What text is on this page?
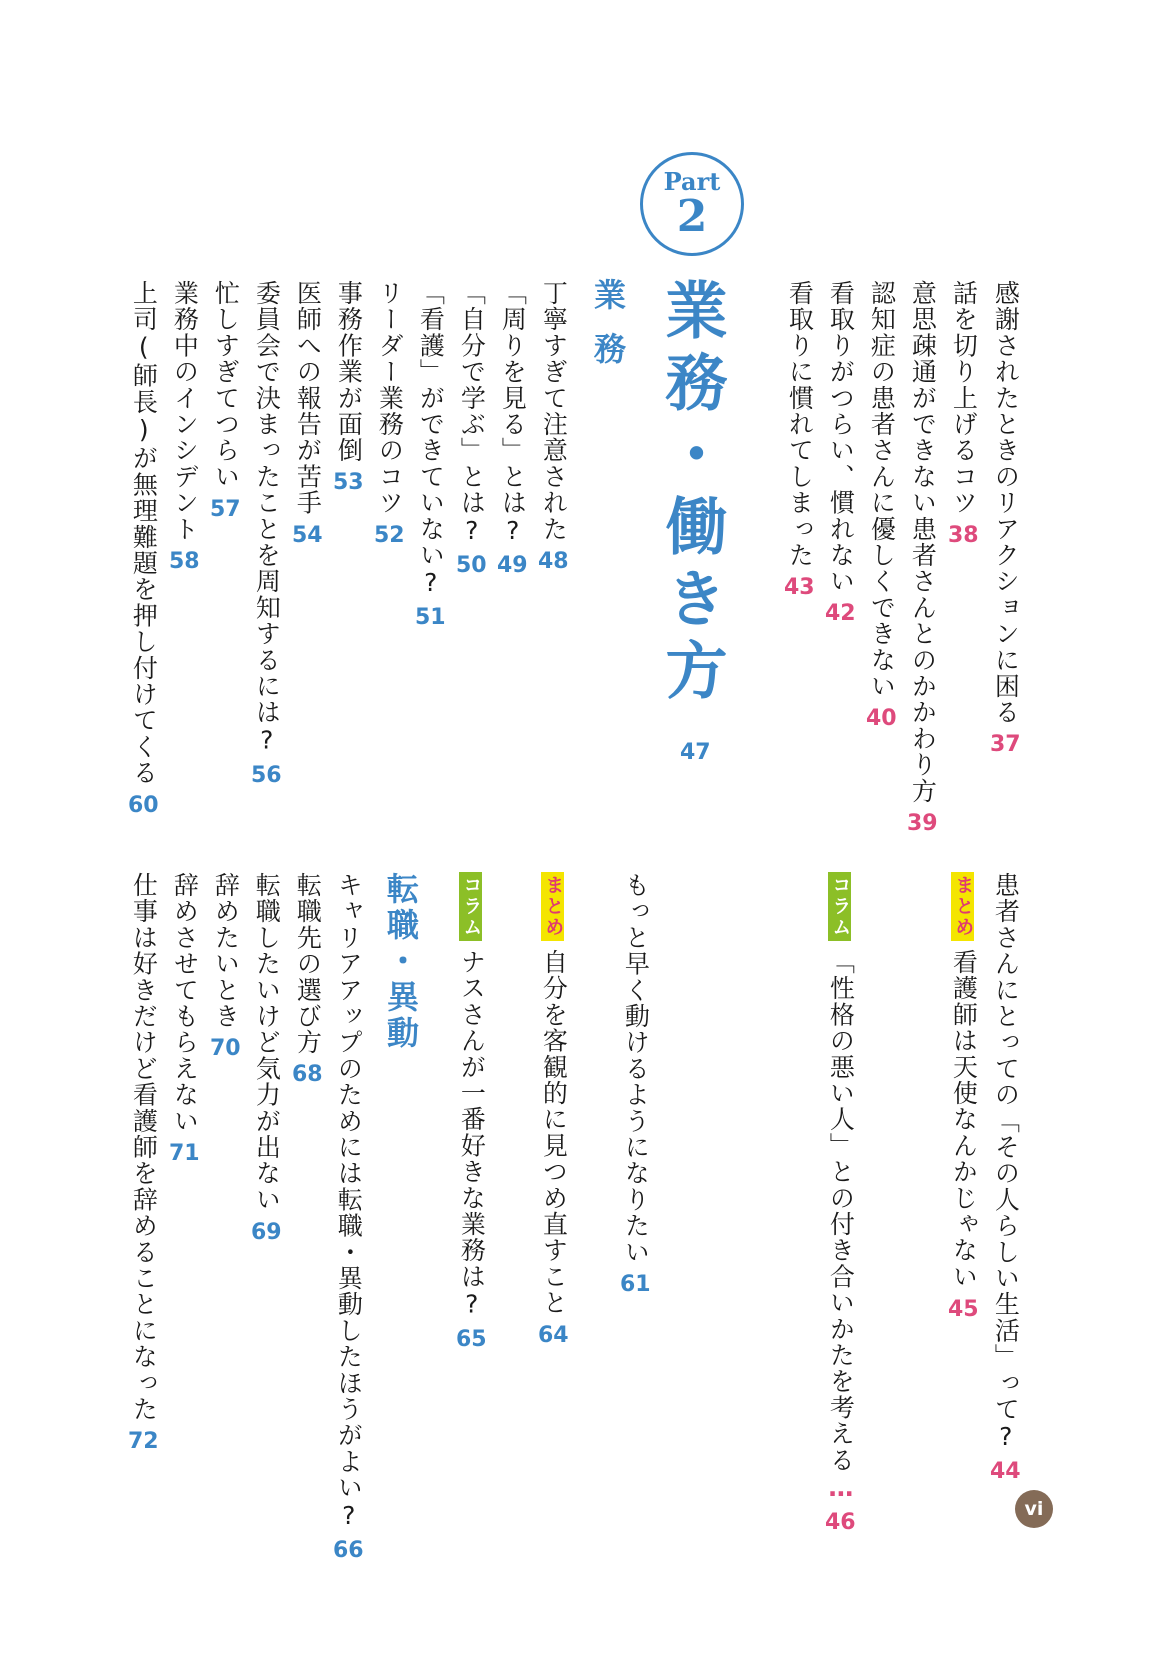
感謝されたときのリアクションに困る37
話を切り上げるコツ38
意思疎通ができない患者さんとのかかわり方39
認知症の患者さんに優しくできない40
看取りがつらい、慣れない42
看取りに慣れてしまった43
Part
2
業務・働き方
47
業務
丁寧すぎて注意された48
「周りを見る」とは?49
「自分で学ぶ」とは?50
「看護」ができていない?51
リーダー業務のコツ52
事務作業が面倒53
医師への報告が苦手54
委員会で決まったことを周知するには?56
忙しすぎてつらい57
業務中のインシデント58
上司(師長)が無理難題を押し付けてくる60
患者さんにとっての「その人らしい生活」って?44
まとめ看護師は天使なんかじゃない45
コラム「性格の悪い人」との付き合いかたを考える…46
もっと早く動けるようになりたい61
まとめ自分を客観的に見つめ直すこと64
コラムナスさんが一番好きな業務は?65
転職・異動
キャリアアップのためには転職・異動したほうがよい?66
転職先の選び方68
転職したいけど気力が出ない69
辞めたいとき70
辞めさせてもらえない71
仕事は好きだけど看護師を辞めることになった72
vi
